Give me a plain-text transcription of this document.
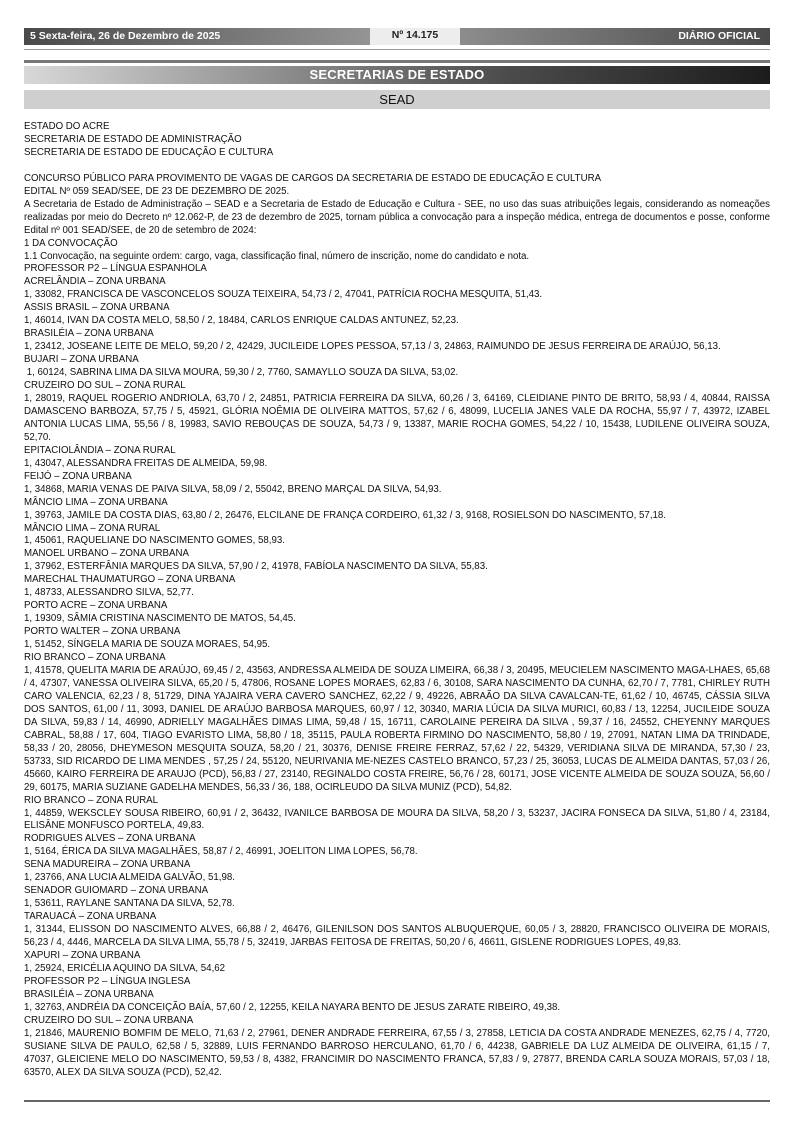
5 Sexta-feira, 26 de Dezembro de 2025	Nº 14.175	DIÁRIO OFICIAL
SECRETARIAS DE ESTADO
SEAD
ESTADO DO ACRE
SECRETARIA DE ESTADO DE ADMINISTRAÇÃO
SECRETARIA DE ESTADO DE EDUCAÇÃO E CULTURA
CONCURSO PÚBLICO PARA PROVIMENTO DE VAGAS DE CARGOS DA SECRETARIA DE ESTADO DE EDUCAÇÃO E CULTURA
EDITAL Nº 059 SEAD/SEE, DE 23 DE DEZEMBRO DE 2025.
A Secretaria de Estado de Administração – SEAD e a Secretaria de Estado de Educação e Cultura - SEE, no uso das suas atribuições legais, considerando as nomeações realizadas por meio do Decreto nº 12.062-P, de 23 de dezembro de 2025, tornam pública a convocação para a inspeção médica, entrega de documentos e posse, conforme Edital nº 001 SEAD/SEE, de 20 de setembro de 2024:
1 DA CONVOCAÇÃO
1.1 Convocação, na seguinte ordem: cargo, vaga, classificação final, número de inscrição, nome do candidato e nota.
PROFESSOR P2 – LÍNGUA ESPANHOLA
ACRELÂNDIA – ZONA URBANA
1, 33082, FRANCISCA DE VASCONCELOS SOUZA TEIXEIRA, 54,73 / 2, 47041, PATRÍCIA ROCHA MESQUITA, 51,43.
ASSIS BRASIL – ZONA URBANA
1, 46014, IVAN DA COSTA MELO, 58,50 / 2, 18484, CARLOS ENRIQUE CALDAS ANTUNEZ, 52,23.
BRASILÉIA – ZONA URBANA
1, 23412, JOSEANE LEITE DE MELO, 59,20 / 2, 42429, JUCILEIDE LOPES PESSOA, 57,13 / 3, 24863, RAIMUNDO DE JESUS FERREIRA DE ARAÚJO, 56,13.
BUJARI – ZONA URBANA
1, 60124, SABRINA LIMA DA SILVA MOURA, 59,30 / 2, 7760, SAMAYLLO SOUZA DA SILVA, 53,02.
CRUZEIRO DO SUL – ZONA RURAL
1, 28019, RAQUEL ROGERIO ANDRIOLA, 63,70 / 2, 24851, PATRICIA FERREIRA DA SILVA, 60,26 / 3, 64169, CLEIDIANE PINTO DE BRITO, 58,93 / 4, 40844, RAISSA DAMASCENO BARBOZA, 57,75 / 5, 45921, GLÓRIA NOÊMIA DE OLIVEIRA MATTOS, 57,62 / 6, 48099, LUCELIA JANES VALE DA ROCHA, 55,97 / 7, 43972, IZABEL ANTONIA LUCAS LIMA, 55,56 / 8, 19983, SAVIO REBOUÇAS DE SOUZA, 54,73 / 9, 13387, MARIE ROCHA GOMES, 54,22 / 10, 15438, LUDILENE OLIVEIRA SOUZA, 52,70.
EPITACIOLÂNDIA – ZONA RURAL
1, 43047, ALESSANDRA FREITAS DE ALMEIDA, 59,98.
FEIJÓ – ZONA URBANA
1, 34868, MARIA VENAS DE PAIVA SILVA, 58,09 / 2, 55042, BRENO MARÇAL DA SILVA, 54,93.
MÂNCIO LIMA – ZONA URBANA
1, 39763, JAMILE DA COSTA DIAS, 63,80 / 2, 26476, ELCILANE DE FRANÇA CORDEIRO, 61,32 / 3, 9168, ROSIELSON DO NASCIMENTO, 57,18.
MÂNCIO LIMA – ZONA RURAL
1, 45061, RAQUELIANE DO NASCIMENTO GOMES, 58,93.
MANOEL URBANO – ZONA URBANA
1, 37962, ESTERFÂNIA MARQUES DA SILVA, 57,90 / 2, 41978, FABÍOLA NASCIMENTO DA SILVA, 55,83.
MARECHAL THAUMATURGO – ZONA URBANA
1, 48733, ALESSANDRO SILVA, 52,77.
PORTO ACRE – ZONA URBANA
1, 19309, SÂMIA CRISTINA NASCIMENTO DE MATOS, 54,45.
PORTO WALTER – ZONA URBANA
1, 51452, SÍNGELA MARIA DE SOUZA MORAES, 54,95.
RIO BRANCO – ZONA URBANA
1, 41578, QUELITA MARIA DE ARAÚJO, 69,45 / 2, 43563, ANDRESSA ALMEIDA DE SOUZA LIMEIRA, 66,38 / 3, 20495, MEUCIELEM NASCIMENTO MAGA-LHAES, 65,68 / 4, 47307, VANESSA OLIVEIRA SILVA, 65,20 / 5, 47806, ROSANE LOPES MORAES, 62,83 / 6, 30108, SARA NASCIMENTO DA CUNHA, 62,70 / 7, 7781, CHIRLEY RUTH CARO VALENCIA, 62,23 / 8, 51729, DINA YAJAIRA VERA CAVERO SANCHEZ, 62,22 / 9, 49226, ABRAÃO DA SILVA CAVALCAN-TE, 61,62 / 10, 46745, CÁSSIA SILVA DOS SANTOS, 61,00 / 11, 3093, DANIEL DE ARAÚJO BARBOSA MARQUES, 60,97 / 12, 30340, MARIA LÚCIA DA SILVA MURICI, 60,83 / 13, 12254, JUCILEIDE SOUZA DA SILVA, 59,83 / 14, 46990, ADRIELLY MAGALHÃES DIMAS LIMA, 59,48 / 15, 16711, CAROLAINE PEREIRA DA SILVA , 59,37 / 16, 24552, CHEYENNY MARQUES CABRAL, 58,88 / 17, 604, TIAGO EVARISTO LIMA, 58,80 / 18, 35115, PAULA ROBERTA FIRMINO DO NASCIMENTO, 58,80 / 19, 27091, NATAN LIMA DA TRINDADE, 58,33 / 20, 28056, DHEYMESON MESQUITA SOUZA, 58,20 / 21, 30376, DENISE FREIRE FERRAZ, 57,62 / 22, 54329, VERIDIANA SILVA DE MIRANDA, 57,30 / 23, 53733, SID RICARDO DE LIMA MENDES , 57,25 / 24, 55120, NEURIVANIA ME-NEZES CASTELO BRANCO, 57,23 / 25, 36053, LUCAS DE ALMEIDA DANTAS, 57,03 / 26, 45660, KAIRO FERREIRA DE ARAUJO (PCD), 56,83 / 27, 23140, REGINALDO COSTA FREIRE, 56,76 / 28, 60171, JOSE VICENTE ALMEIDA DE SOUZA SOUZA, 56,60 / 29, 60175, MARIA SUZIANE GADELHA MENDES, 56,33 / 36, 188, OCIRLEUDO DA SILVA MUNIZ (PCD), 54,82.
RIO BRANCO – ZONA RURAL
1, 44859, WEKSCLEY SOUSA RIBEIRO, 60,91 / 2, 36432, IVANILCE BARBOSA DE MOURA DA SILVA, 58,20 / 3, 53237, JACIRA FONSECA DA SILVA, 51,80 / 4, 23184, ELISÂNE MONFUSCO PORTELA, 49,83.
RODRIGUES ALVES – ZONA URBANA
1, 5164, ÉRICA DA SILVA MAGALHÃES, 58,87 / 2, 46991, JOELITON LIMA LOPES, 56,78.
SENA MADUREIRA – ZONA URBANA
1, 23766, ANA LUCIA ALMEIDA GALVÃO, 51,98.
SENADOR GUIOMARD – ZONA URBANA
1, 53611, RAYLANE SANTANA DA SILVA, 52,78.
TARAUACÁ – ZONA URBANA
1, 31344, ELISSON DO NASCIMENTO ALVES, 66,88 / 2, 46476, GILENILSON DOS SANTOS ALBUQUERQUE, 60,05 / 3, 28820, FRANCISCO OLIVEIRA DE MORAIS, 56,23 / 4, 4446, MARCELA DA SILVA LIMA, 55,78 / 5, 32419, JARBAS FEITOSA DE FREITAS, 50,20 / 6, 46611, GISLENE RODRIGUES LOPES, 49,83.
XAPURI – ZONA URBANA
1, 25924, ERICÉLIA AQUINO DA SILVA, 54,62
PROFESSOR P2 – LÍNGUA INGLESA
BRASILÉIA – ZONA URBANA
1, 32763, ANDRÉIA DA CONCEIÇÃO BAÍA, 57,60 / 2, 12255, KEILA NAYARA BENTO DE JESUS ZARATE RIBEIRO, 49,38.
CRUZEIRO DO SUL – ZONA URBANA
1, 21846, MAURENIO BOMFIM DE MELO, 71,63 / 2, 27961, DENER ANDRADE FERREIRA, 67,55 / 3, 27858, LETICIA DA COSTA ANDRADE MENEZES, 62,75 / 4, 7720, SUSIANE SILVA DE PAULO, 62,58 / 5, 32889, LUIS FERNANDO BARROSO HERCULANO, 61,70 / 6, 44238, GABRIELE DA LUZ ALMEIDA DE OLIVEIRA, 61,15 / 7, 47037, GLEICIENE MELO DO NASCIMENTO, 59,53 / 8, 4382, FRANCIMIR DO NASCIMENTO FRANCA, 57,83 / 9, 27877, BRENDA CARLA SOUZA MORAIS, 57,03 / 18, 63570, ALEX DA SILVA SOUZA (PCD), 52,42.
